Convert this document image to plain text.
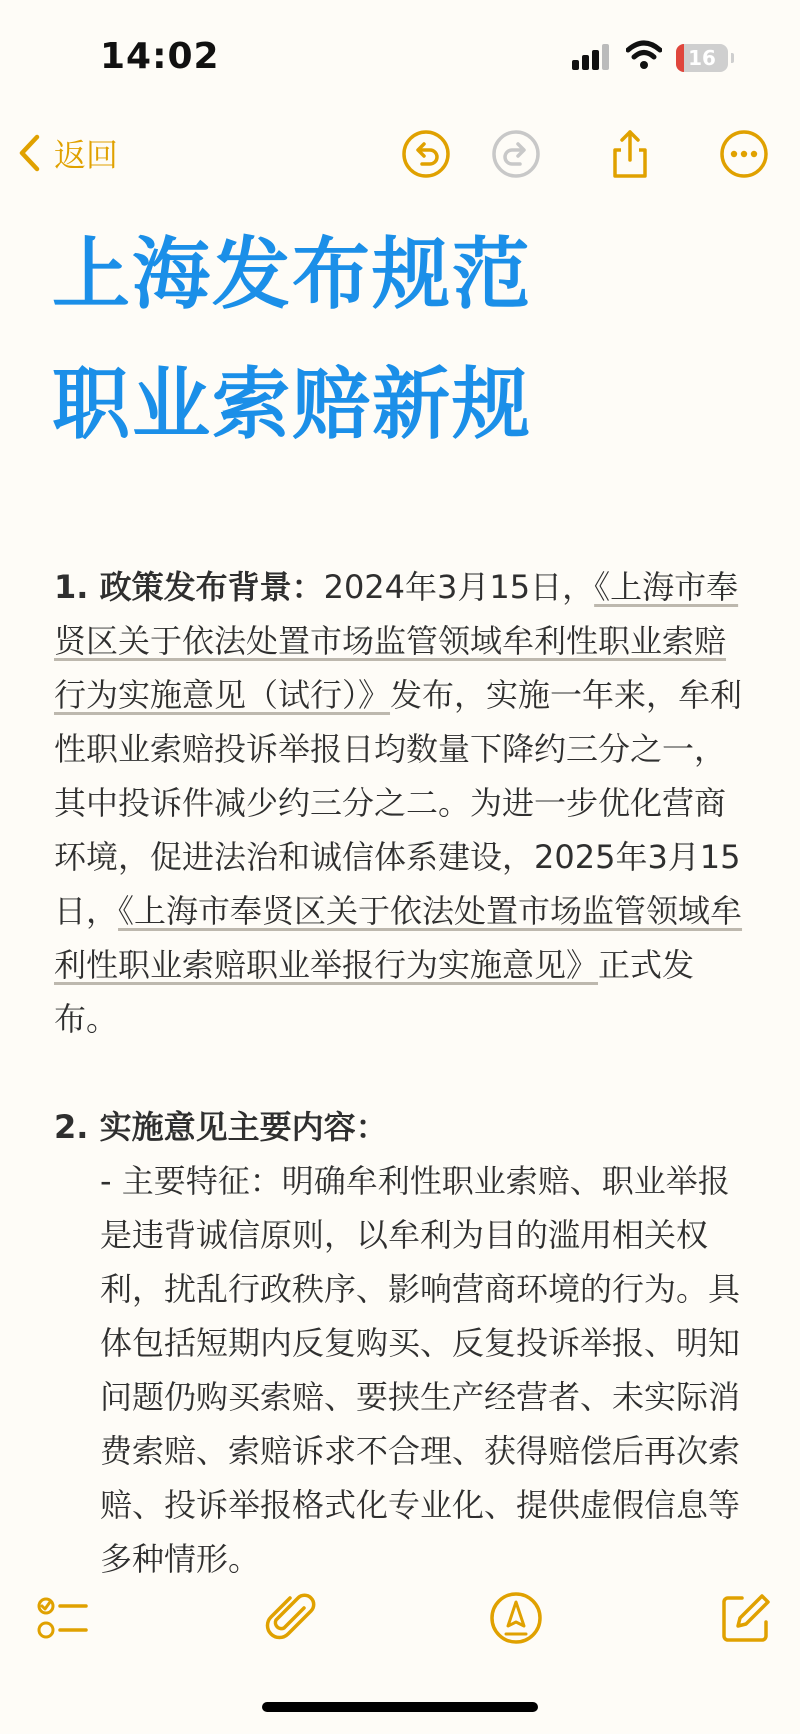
14:02	16
返回
上海发布规范
职业索赔新规

1. 政策发布背景：2024年3月15日，《上海市奉贤区关于依法处置市场监管领域牟利性职业索赔行为实施意见（试行）》发布，实施一年来，牟利性职业索赔投诉举报日均数量下降约三分之一，其中投诉件减少约三分之二。为进一步优化营商环境，促进法治和诚信体系建设，2025年3月15日，《上海市奉贤区关于依法处置市场监管领域牟利性职业索赔职业举报行为实施意见》正式发布。

2. 实施意见主要内容：

- 主要特征：明确牟利性职业索赔、职业举报是违背诚信原则，以牟利为目的滥用相关权利，扰乱行政秩序、影响营商环境的行为。具体包括短期内反复购买、反复投诉举报、明知问题仍购买索赔、要挟生产经营者、未实际消费索赔、索赔诉求不合理、获得赔偿后再次索赔、投诉举报格式化专业化、提供虚假信息等多种情形。
